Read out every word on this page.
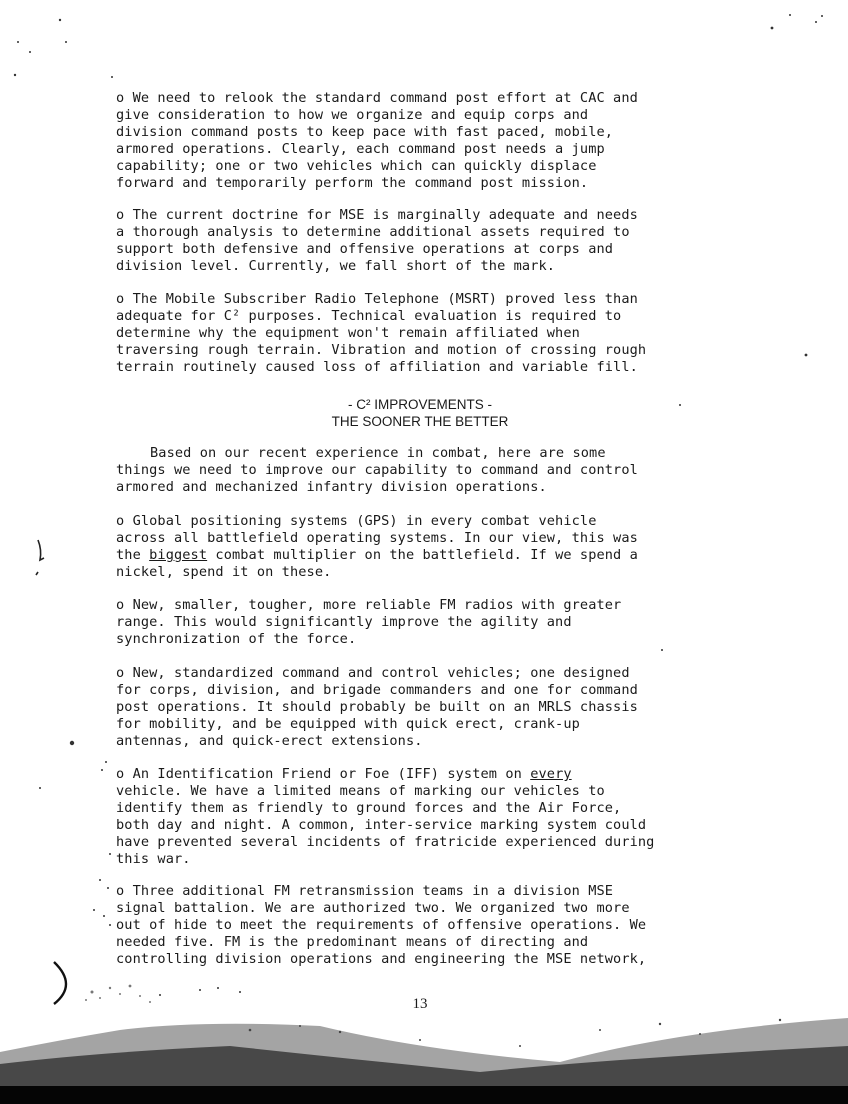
o We need to relook the standard command post effort at CAC and
give consideration to how we organize and equip corps and
division command posts to keep pace with fast paced, mobile,
armored operations. Clearly, each command post needs a jump
capability; one or two vehicles which can quickly displace
forward and temporarily perform the command post mission.

o The current doctrine for MSE is marginally adequate and needs
a thorough analysis to determine additional assets required to
support both defensive and offensive operations at corps and
division level. Currently, we fall short of the mark.

o The Mobile Subscriber Radio Telephone (MSRT) proved less than
adequate for C² purposes. Technical evaluation is required to
determine why the equipment won't remain affiliated when
traversing rough terrain. Vibration and motion of crossing rough
terrain routinely caused loss of affiliation and variable fill.

- C² IMPROVEMENTS -
THE SOONER THE BETTER

Based on our recent experience in combat, here are some
things we need to improve our capability to command and control
armored and mechanized infantry division operations.

o Global positioning systems (GPS) in every combat vehicle
across all battlefield operating systems. In our view, this was
the biggest combat multiplier on the battlefield. If we spend a
nickel, spend it on these.

o New, smaller, tougher, more reliable FM radios with greater
range. This would significantly improve the agility and
synchronization of the force.

o New, standardized command and control vehicles; one designed
for corps, division, and brigade commanders and one for command
post operations. It should probably be built on an MRLS chassis
for mobility, and be equipped with quick erect, crank-up
antennas, and quick-erect extensions.

o An Identification Friend or Foe (IFF) system on every
vehicle. We have a limited means of marking our vehicles to
identify them as friendly to ground forces and the Air Force,
both day and night. A common, inter-service marking system could
have prevented several incidents of fratricide experienced during
this war.

o Three additional FM retransmission teams in a division MSE
signal battalion. We are authorized two. We organized two more
out of hide to meet the requirements of offensive operations. We
needed five. FM is the predominant means of directing and
controlling division operations and engineering the MSE network,

13
